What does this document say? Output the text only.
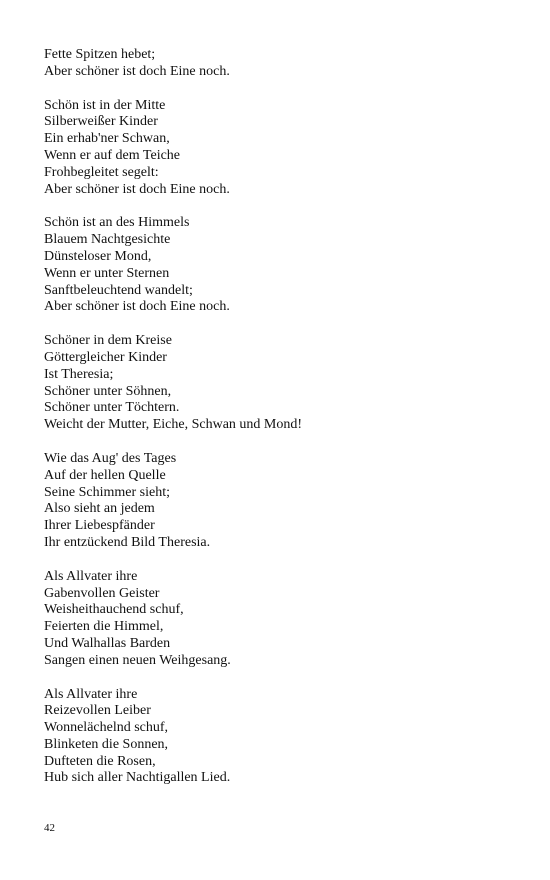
Fette Spitzen hebet;
Aber schöner ist doch Eine noch.
Schön ist in der Mitte
Silberweißer Kinder
Ein erhab'ner Schwan,
Wenn er auf dem Teiche
Frohbegleitet segelt:
Aber schöner ist doch Eine noch.
Schön ist an des Himmels
Blauem Nachtgesichte
Dünsteloser Mond,
Wenn er unter Sternen
Sanftbeleuchtend wandelt;
Aber schöner ist doch Eine noch.
Schöner in dem Kreise
Göttergleicher Kinder
Ist Theresia;
Schöner unter Söhnen,
Schöner unter Töchtern.
Weicht der Mutter, Eiche, Schwan und Mond!
Wie das Aug' des Tages
Auf der hellen Quelle
Seine Schimmer sieht;
Also sieht an jedem
Ihrer Liebespfänder
Ihr entzückend Bild Theresia.
Als Allvater ihre
Gabenvollen Geister
Weisheithauchend schuf,
Feierten die Himmel,
Und Walhallas Barden
Sangen einen neuen Weihgesang.
Als Allvater ihre
Reizevollen Leiber
Wonnelächelnd schuf,
Blinketen die Sonnen,
Dufteten die Rosen,
Hub sich aller Nachtigallen Lied.
42
